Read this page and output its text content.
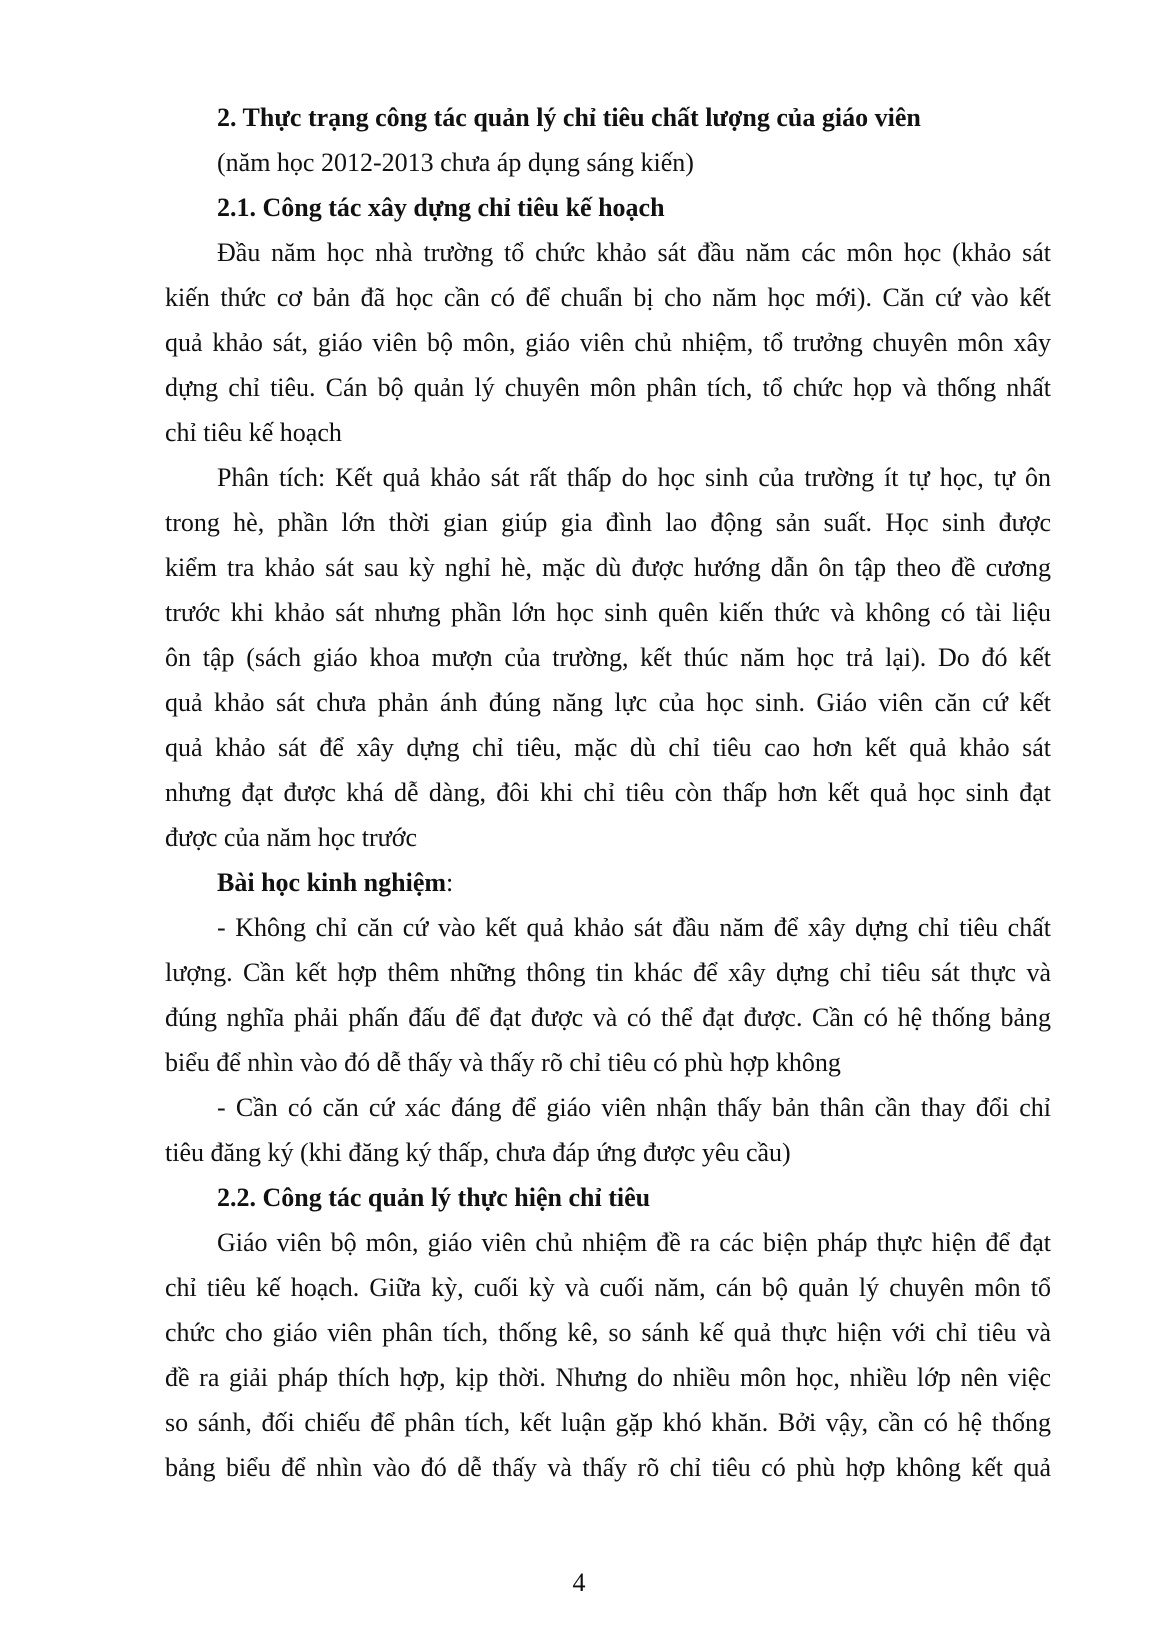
2. Thực trạng công tác quản lý chỉ tiêu chất lượng của giáo viên
(năm học 2012-2013 chưa áp dụng sáng kiến)
2.1. Công tác xây dựng chỉ tiêu kế hoạch
Đầu năm học nhà trường tổ chức khảo sát đầu năm các môn học (khảo sát
kiến thức cơ bản đã học cần có để chuẩn bị cho năm học mới). Căn cứ vào kết
quả khảo sát, giáo viên bộ môn, giáo viên chủ nhiệm, tổ trưởng chuyên môn xây
dựng chỉ tiêu. Cán bộ quản lý chuyên môn phân tích, tổ chức họp và thống nhất
chỉ tiêu kế hoạch
Phân tích: Kết quả khảo sát rất thấp do học sinh của trường ít tự học, tự ôn
trong hè, phần lớn thời gian giúp gia đình lao động sản suất. Học sinh được
kiểm tra khảo sát sau kỳ nghỉ hè, mặc dù được hướng dẫn ôn tập theo đề cương
trước khi khảo sát nhưng phần lớn học sinh quên kiến thức và không có tài liệu
ôn tập (sách giáo khoa mượn của trường, kết thúc năm học trả lại). Do đó kết
quả khảo sát chưa phản ánh đúng năng lực của học sinh. Giáo viên căn cứ kết
quả khảo sát để xây dựng chỉ tiêu, mặc dù chỉ tiêu cao hơn kết quả khảo sát
nhưng đạt được khá dễ dàng, đôi khi chỉ tiêu còn thấp hơn kết quả học sinh đạt
được của năm học trước
Bài học kinh nghiệm:
- Không chỉ căn cứ vào kết quả khảo sát đầu năm để xây dựng chỉ tiêu chất
lượng. Cần kết hợp thêm những thông tin khác để xây dựng chỉ tiêu sát thực và
đúng nghĩa phải phấn đấu để đạt được và có thể đạt được. Cần có hệ thống bảng
biểu để nhìn vào đó dễ thấy và thấy rõ chỉ tiêu có phù hợp không
- Cần có căn cứ xác đáng để giáo viên nhận thấy bản thân cần thay đổi chỉ
tiêu đăng ký (khi đăng ký thấp, chưa đáp ứng được yêu cầu)
2.2. Công tác quản lý thực hiện chỉ tiêu
Giáo viên bộ môn, giáo viên chủ nhiệm đề ra các biện pháp thực hiện để đạt
chỉ tiêu kế hoạch. Giữa kỳ, cuối kỳ và cuối năm, cán bộ quản lý chuyên môn tổ
chức cho giáo viên phân tích, thống kê, so sánh kế quả thực hiện với chỉ tiêu và
đề ra giải pháp thích hợp, kịp thời. Nhưng do nhiều môn học, nhiều lớp nên việc
so sánh, đối chiếu để phân tích, kết luận gặp khó khăn. Bởi vậy, cần có hệ thống
bảng biểu để nhìn vào đó dễ thấy và thấy rõ chỉ tiêu có phù hợp không kết quả
4
